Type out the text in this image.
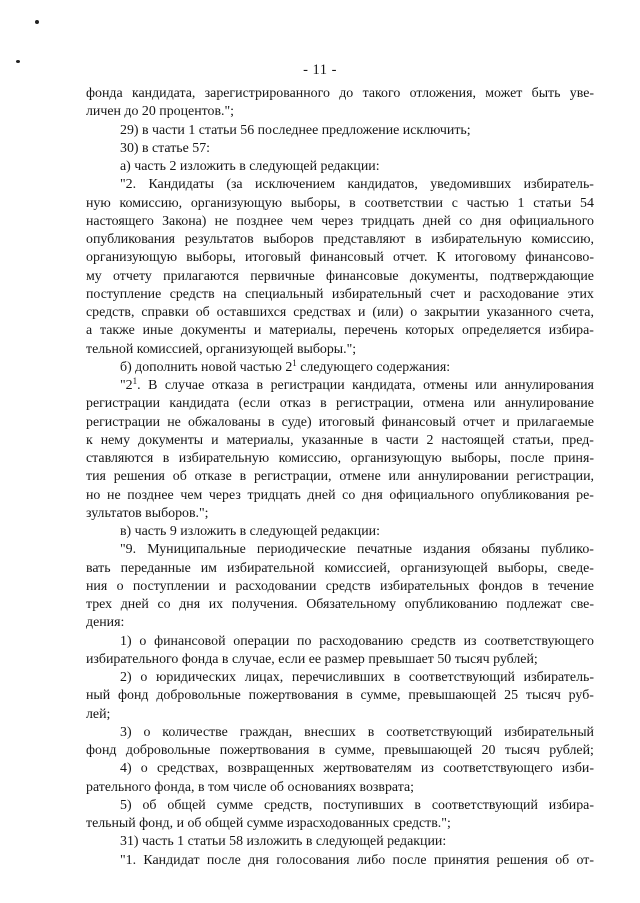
- 11 -
фонда кандидата, зарегистрированного до такого отложения, может быть уве-
личен до 20 процентов.";
29) в части 1 статьи 56 последнее предложение исключить;
30) в статье 57:
а) часть 2 изложить в следующей редакции:
"2. Кандидаты (за исключением кандидатов, уведомивших избиратель-
ную комиссию, организующую выборы, в соответствии с частью 1 статьи 54
настоящего Закона) не позднее чем через тридцать дней со дня официального
опубликования результатов выборов представляют в избирательную комиссию,
организующую выборы, итоговый финансовый отчет. К итоговому финансово-
му отчету прилагаются первичные финансовые документы, подтверждающие
поступление средств на специальный избирательный счет и расходование этих
средств, справки об оставшихся средствах и (или) о закрытии указанного счета,
а также иные документы и материалы, перечень которых определяется избира-
тельной комиссией, организующей выборы.";
б) дополнить новой частью $2^1$ следующего содержания:
"$2^1$. В случае отказа в регистрации кандидата, отмены или аннулирования
регистрации кандидата (если отказ в регистрации, отмена или аннулирование
регистрации не обжалованы в суде) итоговый финансовый отчет и прилагаемые
к нему документы и материалы, указанные в части 2 настоящей статьи, пред-
ставляются в избирательную комиссию, организующую выборы, после приня-
тия решения об отказе в регистрации, отмене или аннулировании регистрации,
но не позднее чем через тридцать дней со дня официального опубликования ре-
зультатов выборов.";
в) часть 9 изложить в следующей редакции:
"9. Муниципальные периодические печатные издания обязаны публико-
вать переданные им избирательной комиссией, организующей выборы, сведе-
ния о поступлении и расходовании средств избирательных фондов в течение
трех дней со дня их получения. Обязательному опубликованию подлежат све-
дения:
1) о финансовой операции по расходованию средств из соответствующего
избирательного фонда в случае, если ее размер превышает 50 тысяч рублей;
2) о юридических лицах, перечисливших в соответствующий избиратель-
ный фонд добровольные пожертвования в сумме, превышающей 25 тысяч руб-
лей;
3) о количестве граждан, внесших в соответствующий избирательный
фонд добровольные пожертвования в сумме, превышающей 20 тысяч рублей;
4) о средствах, возвращенных жертвователям из соответствующего изби-
рательного фонда, в том числе об основаниях возврата;
5) об общей сумме средств, поступивших в соответствующий избира-
тельный фонд, и об общей сумме израсходованных средств.";
31) часть 1 статьи 58 изложить в следующей редакции:
"1. Кандидат после дня голосования либо после принятия решения об от-
